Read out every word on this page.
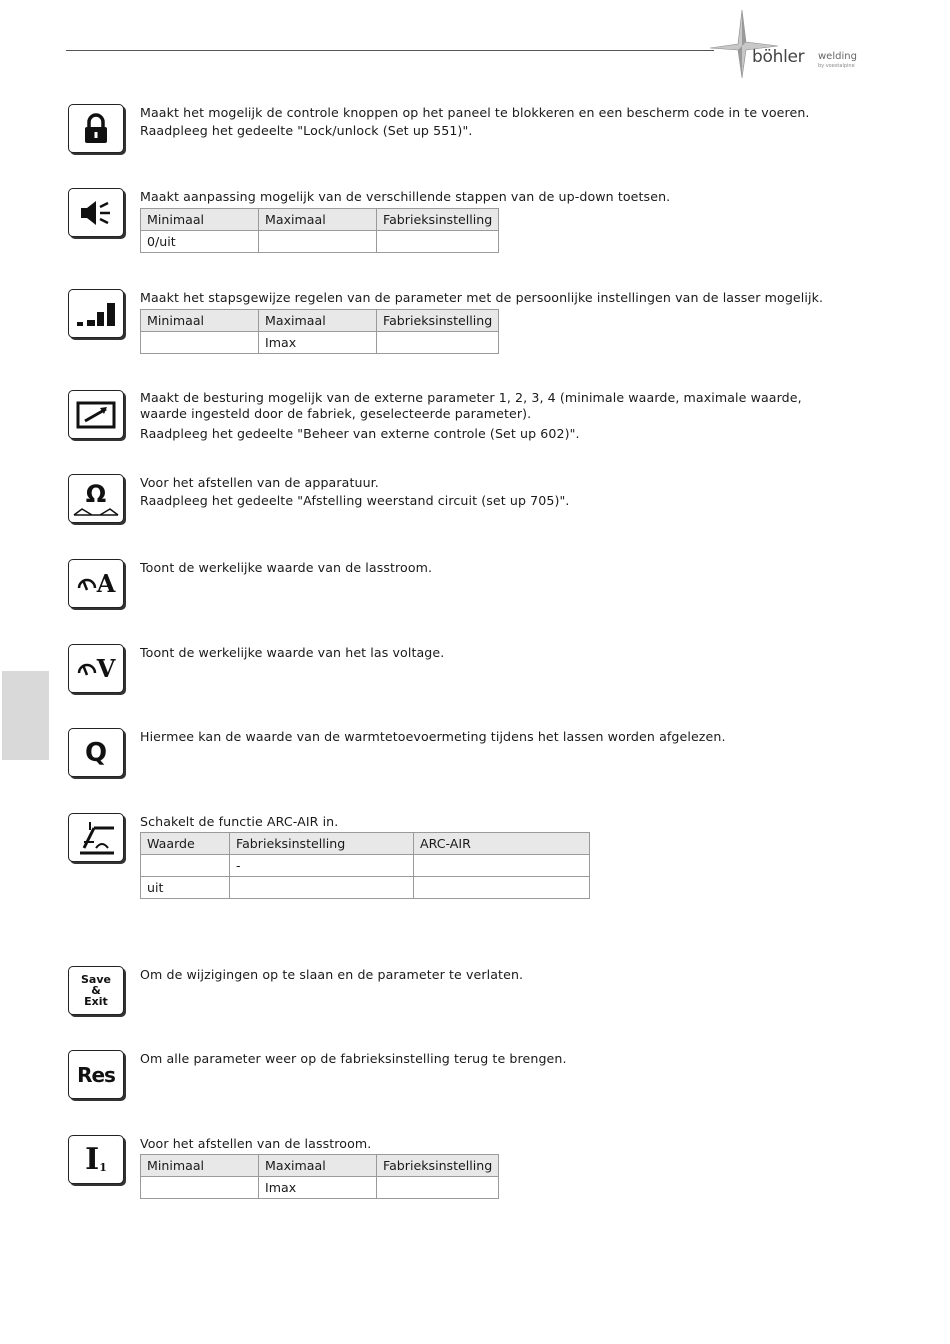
böhler welding
by voestalpine

Maakt het mogelijk de controle knoppen op het paneel te blokkeren en een bescherm code in te voeren.

Raadpleeg het gedeelte "Lock/unlock (Set up 551)".

Maakt aanpassing mogelijk van de verschillende stappen van de up-down toetsen.

Minimaal	Maximaal	Fabrieksinstelling
0/uit		

Maakt het stapsgewijze regelen van de parameter met de persoonlijke instellingen van de lasser mogelijk.

Minimaal	Maximaal	Fabrieksinstelling
	Imax	

Maakt de besturing mogelijk van de externe parameter 1, 2, 3, 4 (minimale waarde, maximale waarde, waarde ingesteld door de fabriek, geselecteerde parameter).

Raadpleeg het gedeelte "Beheer van externe controle (Set up 602)".

Ω	Voor het afstellen van de apparatuur.

Raadpleeg het gedeelte "Afstelling weerstand circuit (set up 705)".

A

Toont de werkelijke waarde van de lasstroom.

V

Toont de werkelijke waarde van het las voltage.

Q

Hiermee kan de waarde van de warmtetoevoermeting tijdens het lassen worden afgelezen.

Schakelt de functie ARC-AIR in.

Waarde	Fabrieksinstelling	ARC-AIR
	-	
uit		
Save
&
Exit

Om de wijzigingen op te slaan en de parameter te verlaten.

Res

Om alle parameter weer op de fabrieksinstelling terug te brengen.

I 1

Voor het afstellen van de lasstroom.

Minimaal	Maximaal	Fabrieksinstelling
	Imax	
